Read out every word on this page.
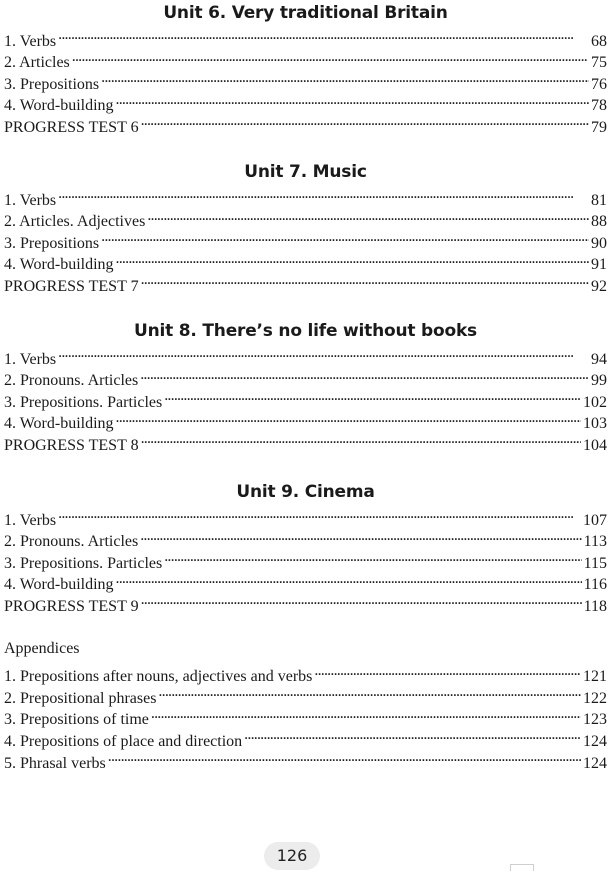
Unit 6. Very traditional Britain
1. Verbs . . .	68
2. Articles . . .	75
3. Prepositions . . .	76
4. Word-building . . .	78
PROGRESS TEST 6 . . .	79
Unit 7. Music
1. Verbs . . .	81
2. Articles. Adjectives . . .	88
3. Prepositions . . .	90
4. Word-building . . .	91
PROGRESS TEST 7 . . .	92
Unit 8. There’s no life without books
1. Verbs . . .	94
2. Pronouns. Articles . . .	99
3. Prepositions. Particles . . .	102
4. Word-building . . .	103
PROGRESS TEST 8 . . .	104
Unit 9. Cinema
1. Verbs . . .	107
2. Pronouns. Articles . . .	113
3. Prepositions. Particles . . .	115
4. Word-building . . .	116
PROGRESS TEST 9 . . .	118
Appendices
1. Prepositions after nouns, adjectives and verbs . . .	121
2. Prepositional phrases . . .	122
3. Prepositions of time . . .	123
4. Prepositions of place and direction . . .	124
5. Phrasal verbs . . .	124
126
